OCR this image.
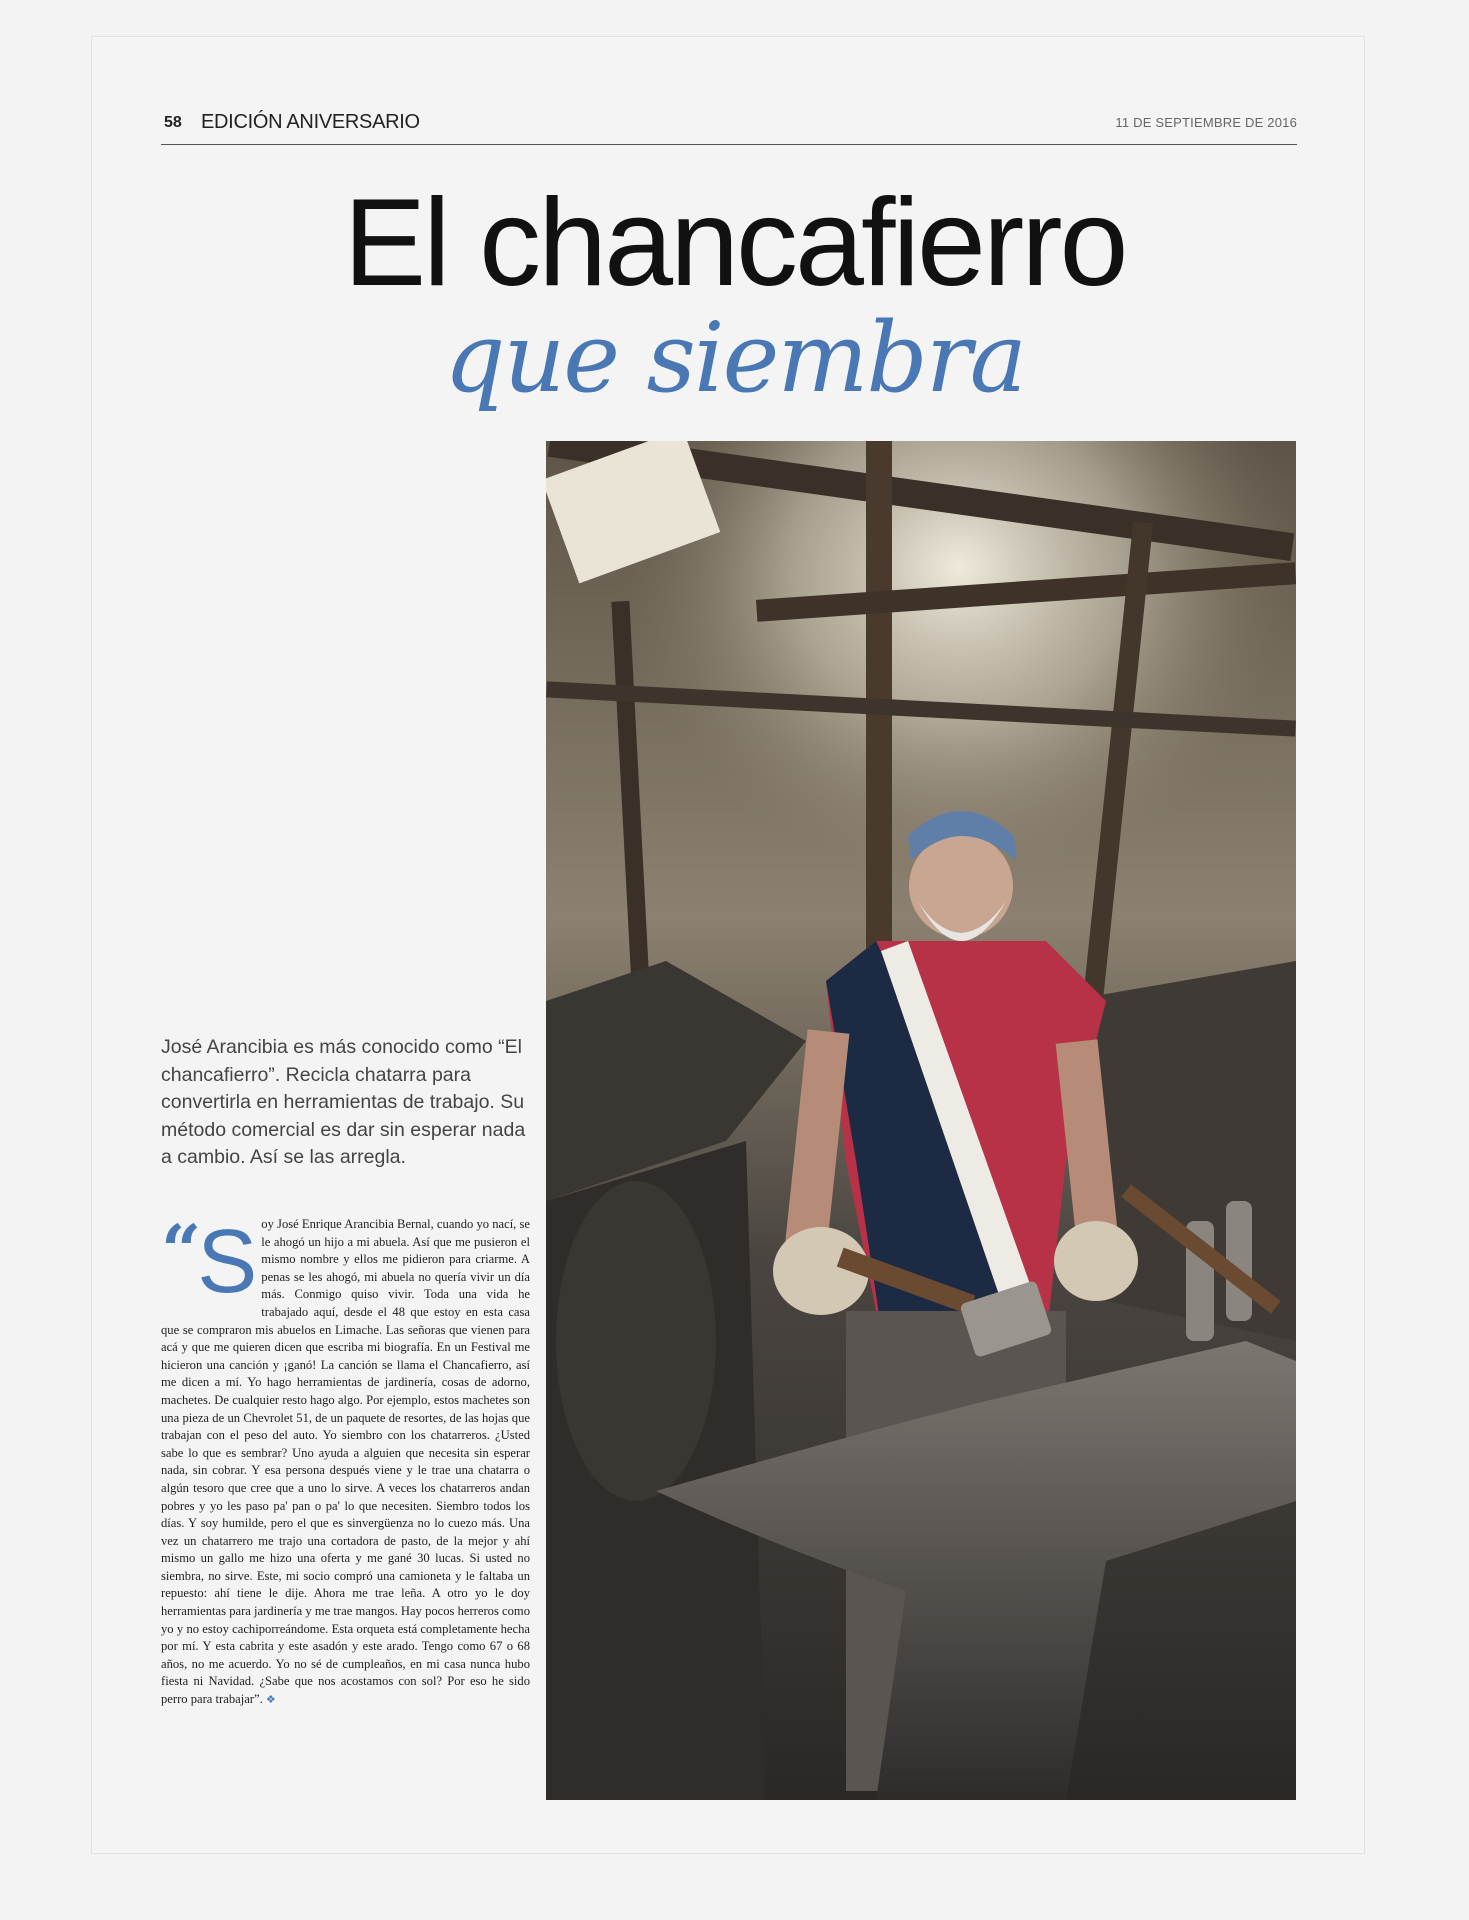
58 EDICIÓN ANIVERSARIO	11 DE SEPTIEMBRE DE 2016
El chancafierro
que siembra
José Arancibia es más conocido como “El chancafierro”. Recicla chatarra para convertirla en herramientas de trabajo. Su método comercial es dar sin esperar nada a cambio. Así se las arregla.
“ S oy José Enrique Arancibia Bernal, cuando yo nací, se le ahogó un hijo a mi abuela. Así que me pusieron el mismo nombre y ellos me pidieron para criarme. A penas se les ahogó, mi abuela no quería vivir un día más. Conmigo quiso vivir. Toda una vida he trabajado aquí, desde el 48 que estoy en esta casa que se compraron mis abuelos en Limache. Las señoras que vienen para acá y que me quieren dicen que escriba mi biografía. En un Festival me hicieron una canción y ¡ganó! La canción se llama el Chancafierro, así me dicen a mí. Yo hago herramientas de jardinería, cosas de adorno, machetes. De cualquier resto hago algo. Por ejemplo, estos machetes son una pieza de un Chevrolet 51, de un paquete de resortes, de las hojas que trabajan con el peso del auto. Yo siembro con los chatarreros. ¿Usted sabe lo que es sembrar? Uno ayuda a alguien que necesita sin esperar nada, sin cobrar. Y esa persona después viene y le trae una chatarra o algún tesoro que cree que a uno lo sirve. A veces los chatarreros andan pobres y yo les paso pa' pan o pa' lo que necesiten. Siembro todos los días. Y soy humilde, pero el que es sinvergüenza no lo cuezo más. Una vez un chatarrero me trajo una cortadora de pasto, de la mejor y ahí mismo un gallo me hizo una oferta y me gané 30 lucas. Si usted no siembra, no sirve. Este, mi socio compró una camioneta y le faltaba un repuesto: ahí tiene le dije. Ahora me trae leña. A otro yo le doy herramientas para jardinería y me trae mangos. Hay pocos herreros como yo y no estoy cachiporreándome. Esta orqueta está completamente hecha por mí. Y esta cabrita y este asadón y este arado. Tengo como 67 o 68 años, no me acuerdo. Yo no sé de cumpleaños, en mi casa nunca hubo fiesta ni Navidad. ¿Sabe que nos acostamos con sol? Por eso he sido perro para trabajar”. ❖
